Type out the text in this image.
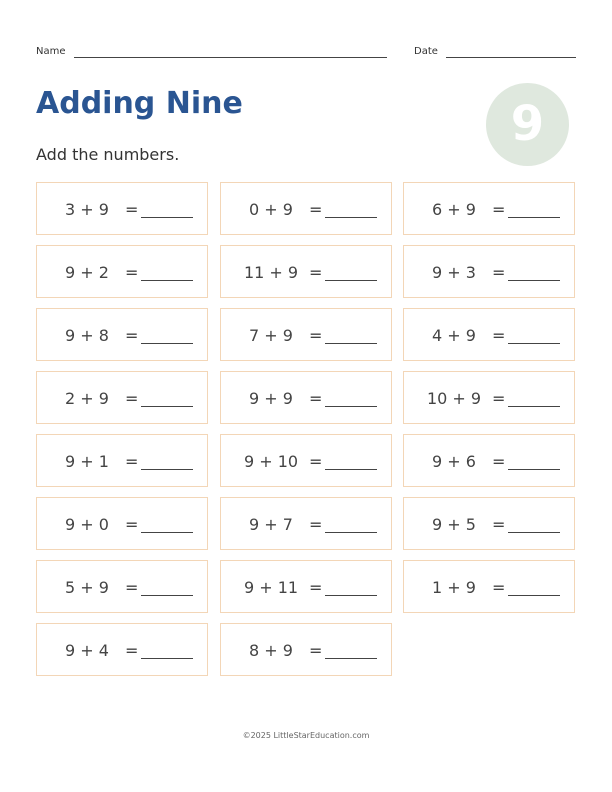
Name	Date
Adding Nine	9

Add the numbers.

3 + 9	=	0 + 9	=	6 + 9	=
9 + 2	=	11 + 9 =	9 + 3	=
9 + 8	=	7 + 9	=	4 + 9	=
2 + 9	=	9 + 9	=	10 + 9 =
9 + 1	=	9 + 10 =	9 + 6	=
9 + 0	=	9 + 7	=	9 + 5	=
5 + 9	=	9 + 11 =	1 + 9	=
9 + 4	=	8 + 9	=
©2025 LittleStarEducation.com
